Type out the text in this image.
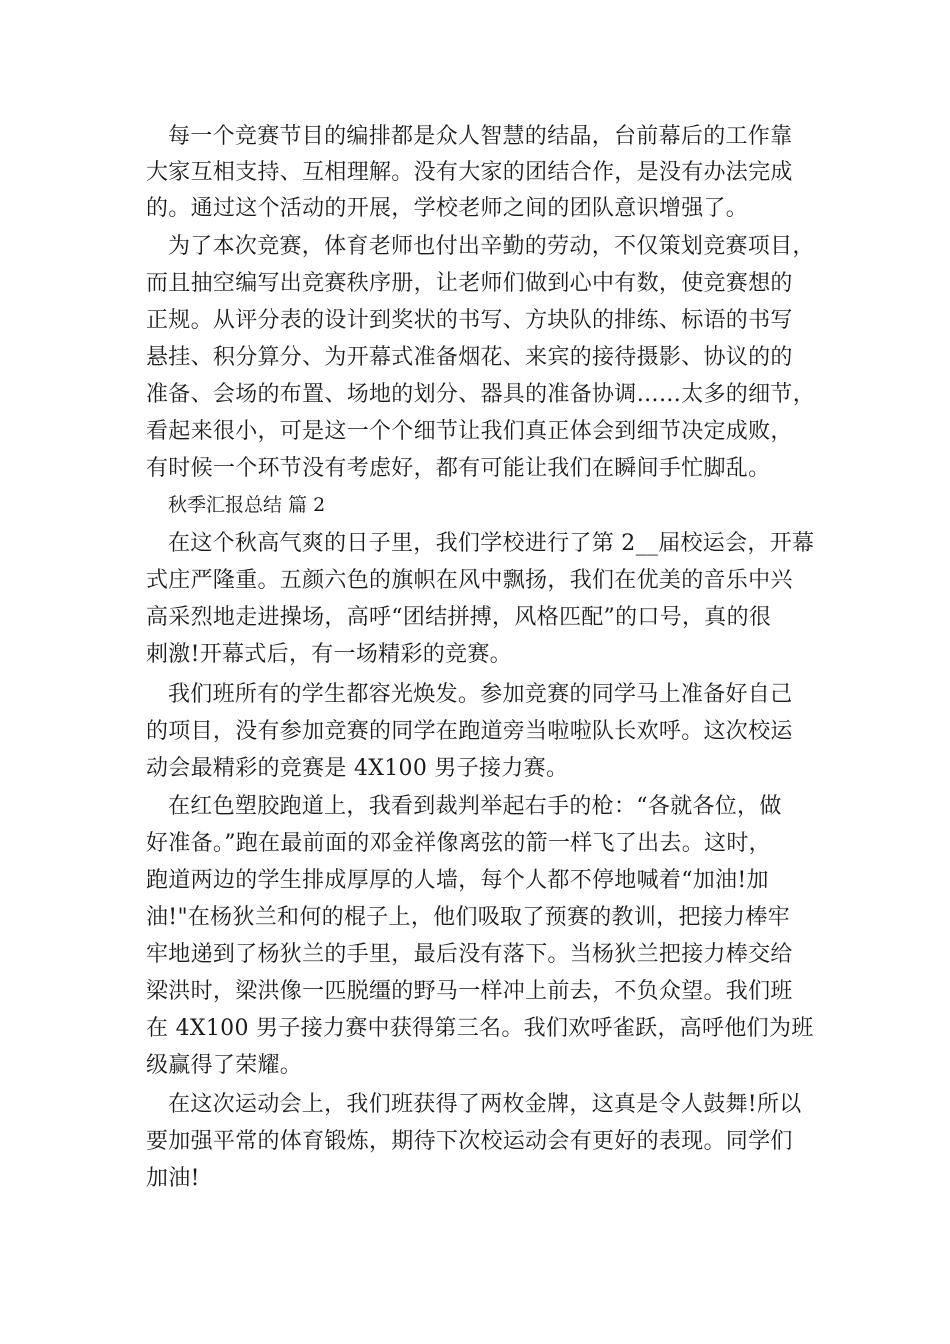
每一个竞赛节目的编排都是众人智慧的结晶，台前幕后的工作靠
大家互相支持、互相理解。没有大家的团结合作，是没有办法完成
的。通过这个活动的开展，学校老师之间的团队意识增强了。
为了本次竞赛，体育老师也付出辛勤的劳动，不仅策划竞赛项目，
而且抽空编写出竞赛秩序册，让老师们做到心中有数，使竞赛想的
正规。从评分表的设计到奖状的书写、方块队的排练、标语的书写
悬挂、积分算分、为开幕式准备烟花、来宾的接待摄影、协议的的
准备、会场的布置、场地的划分、器具的准备协调……太多的细节，
看起来很小，可是这一个个细节让我们真正体会到细节决定成败，
有时候一个环节没有考虑好，都有可能让我们在瞬间手忙脚乱。
秋季汇报总结 篇 2
在这个秋高气爽的日子里，我们学校进行了第 2__届校运会，开幕
式庄严隆重。五颜六色的旗帜在风中飘扬，我们在优美的音乐中兴
高采烈地走进操场，高呼“团结拼搏，风格匹配”的口号，真的很
刺激!开幕式后，有一场精彩的竞赛。
我们班所有的学生都容光焕发。参加竞赛的同学马上准备好自己
的项目，没有参加竞赛的同学在跑道旁当啦啦队长欢呼。这次校运
动会最精彩的竞赛是 4X100 男子接力赛。
在红色塑胶跑道上，我看到裁判举起右手的枪：“各就各位，做
好准备。”跑在最前面的邓金祥像离弦的箭一样飞了出去。这时，
跑道两边的学生排成厚厚的人墙，每个人都不停地喊着“加油!加
油!"在杨狄兰和何的棍子上，他们吸取了预赛的教训，把接力棒牢
牢地递到了杨狄兰的手里，最后没有落下。当杨狄兰把接力棒交给
梁洪时，梁洪像一匹脱缰的野马一样冲上前去，不负众望。我们班
在 4X100 男子接力赛中获得第三名。我们欢呼雀跃，高呼他们为班
级赢得了荣耀。
在这次运动会上，我们班获得了两枚金牌，这真是令人鼓舞!所以
要加强平常的体育锻炼，期待下次校运动会有更好的表现。同学们
加油!
